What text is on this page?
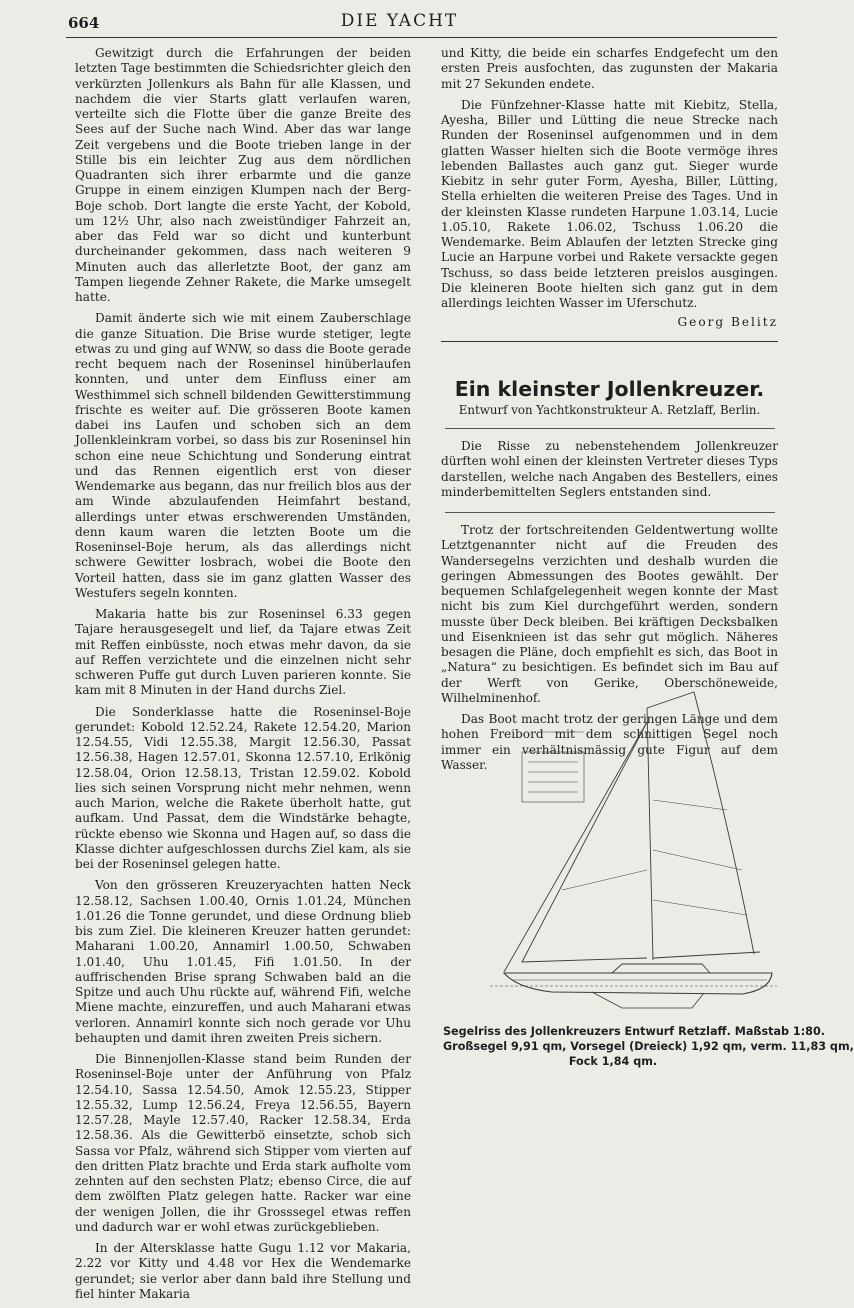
664	DIE YACHT

Gewitzigt durch die Erfahrungen der beiden letzten Tage bestimmten die Schiedsrichter gleich den verkürzten Jollenkurs als Bahn für alle Klassen, und nachdem die vier Starts glatt verlaufen waren, verteilte sich die Flotte über die ganze Breite des Sees auf der Suche nach Wind. Aber das war lange Zeit vergebens und die Boote trieben lange in der Stille bis ein leichter Zug aus dem nördlichen Quadranten sich ihrer erbarmte und die ganze Gruppe in einem einzigen Klumpen nach der Berg-Boje schob. Dort langte die erste Yacht, der Kobold, um 12½ Uhr, also nach zweistündiger Fahrzeit an, aber das Feld war so dicht und kunterbunt durcheinander gekommen, dass nach weiteren 9 Minuten auch das allerletzte Boot, der ganz am Tampen liegende Zehner Rakete, die Marke umsegelt hatte.

Damit änderte sich wie mit einem Zauberschlage die ganze Situation. Die Brise wurde stetiger, legte etwas zu und ging auf WNW, so dass die Boote gerade recht bequem nach der Roseninsel hinüberlaufen konnten, und unter dem Einfluss einer am Westhimmel sich schnell bildenden Gewitterstimmung frischte es weiter auf. Die grösseren Boote kamen dabei ins Laufen und schoben sich an dem Jollenkleinkram vorbei, so dass bis zur Roseninsel hin schon eine neue Schichtung und Sonderung eintrat und das Rennen eigentlich erst von dieser Wendemarke aus begann, das nur freilich blos aus der am Winde abzulaufenden Heimfahrt bestand, allerdings unter etwas erschwerenden Umständen, denn kaum waren die letzten Boote um die Roseninsel-Boje herum, als das allerdings nicht schwere Gewitter losbrach, wobei die Boote den Vorteil hatten, dass sie im ganz glatten Wasser des Westufers segeln konnten.

Makaria hatte bis zur Roseninsel 6.33 gegen Tajare herausgesegelt und lief, da Tajare etwas Zeit mit Reffen einbüsste, noch etwas mehr davon, da sie auf Reffen verzichtete und die einzelnen nicht sehr schweren Puffe gut durch Luven parieren konnte. Sie kam mit 8 Minuten in der Hand durchs Ziel.

Die Sonderklasse hatte die Roseninsel-Boje gerundet: Kobold 12.52.24, Rakete 12.54.20, Marion 12.54.55, Vidi 12.55.38, Margit 12.56.30, Passat 12.56.38, Hagen 12.57.01, Skonna 12.57.10, Erlkönig 12.58.04, Orion 12.58.13, Tristan 12.59.02. Kobold lies sich seinen Vorsprung nicht mehr nehmen, wenn auch Marion, welche die Rakete überholt hatte, gut aufkam. Und Passat, dem die Windstärke behagte, rückte ebenso wie Skonna und Hagen auf, so dass die Klasse dichter aufgeschlossen durchs Ziel kam, als sie bei der Roseninsel gelegen hatte.

Von den grösseren Kreuzeryachten hatten Neck 12.58.12, Sachsen 1.00.40, Ornis 1.01.24, München 1.01.26 die Tonne gerundet, und diese Ordnung blieb bis zum Ziel. Die kleineren Kreuzer hatten gerundet: Maharani 1.00.20, Annamirl 1.00.50, Schwaben 1.01.40, Uhu 1.01.45, Fifi 1.01.50. In der auffrischenden Brise sprang Schwaben bald an die Spitze und auch Uhu rückte auf, während Fifi, welche Miene machte, einzureffen, und auch Maharani etwas verloren. Annamirl konnte sich noch gerade vor Uhu behaupten und damit ihren zweiten Preis sichern.

Die Binnenjollen-Klasse stand beim Runden der Roseninsel-Boje unter der Anführung von Pfalz 12.54.10, Sassa 12.54.50, Amok 12.55.23, Stipper 12.55.32, Lump 12.56.24, Freya 12.56.55, Bayern 12.57.28, Mayle 12.57.40, Racker 12.58.34, Erda 12.58.36. Als die Gewitterbö einsetzte, schob sich Sassa vor Pfalz, während sich Stipper vom vierten auf den dritten Platz brachte und Erda stark aufholte vom zehnten auf den sechsten Platz; ebenso Circe, die auf dem zwölften Platz gelegen hatte. Racker war eine der wenigen Jollen, die ihr Grosssegel etwas reffen und dadurch war er wohl etwas zurückgeblieben.

In der Altersklasse hatte Gugu 1.12 vor Makaria, 2.22 vor Kitty und 4.48 vor Hex die Wendemarke gerundet; sie verlor aber dann bald ihre Stellung und fiel hinter Makaria

und Kitty, die beide ein scharfes Endgefecht um den ersten Preis ausfochten, das zugunsten der Makaria mit 27 Sekunden endete.

Die Fünfzehner-Klasse hatte mit Kiebitz, Stella, Ayesha, Biller und Lütting die neue Strecke nach Runden der Roseninsel aufgenommen und in dem glatten Wasser hielten sich die Boote vermöge ihres lebenden Ballastes auch ganz gut. Sieger wurde Kiebitz in sehr guter Form, Ayesha, Biller, Lütting, Stella erhielten die weiteren Preise des Tages. Und in der kleinsten Klasse rundeten Harpune 1.03.14, Lucie 1.05.10, Rakete 1.06.02, Tschuss 1.06.20 die Wendemarke. Beim Ablaufen der letzten Strecke ging Lucie an Harpune vorbei und Rakete versackte gegen Tschuss, so dass beide letzteren preislos ausgingen. Die kleineren Boote hielten sich ganz gut in dem allerdings leichten Wasser im Uferschutz.

Georg Belitz
Ein kleinster Jollenkreuzer.
Entwurf von Yachtkonstrukteur A. Retzlaff, Berlin.

Die Risse zu nebenstehendem Jollenkreuzer dürften wohl einen der kleinsten Vertreter dieses Typs darstellen, welche nach Angaben des Bestellers, eines minderbemittelten Seglers entstanden sind.

Trotz der fortschreitenden Geldentwertung wollte Letztgenannter nicht auf die Freuden des Wandersegelns verzichten und deshalb wurden die geringen Abmessungen des Bootes gewählt. Der bequemen Schlafgelegenheit wegen konnte der Mast nicht bis zum Kiel durchgeführt werden, sondern musste über Deck bleiben. Bei kräftigen Decksbalken und Eisenknieen ist das sehr gut möglich. Näheres besagen die Pläne, doch empfiehlt es sich, das Boot in „Natura“ zu besichtigen. Es befindet sich im Bau auf der Werft von Gerike, Oberschöneweide, Wilhelminenhof.

Das Boot macht trotz der geringen Länge und dem hohen Freibord mit dem schnittigen Segel noch immer ein verhältnismässig gute Figur auf dem Wasser.

Segelriss des Jollenkreuzers Entwurf Retzlaff. Maßstab 1:80.
Großsegel 9,91 qm, Vorsegel (Dreieck) 1,92 qm, verm. 11,83 qm,
Fock 1,84 qm.
